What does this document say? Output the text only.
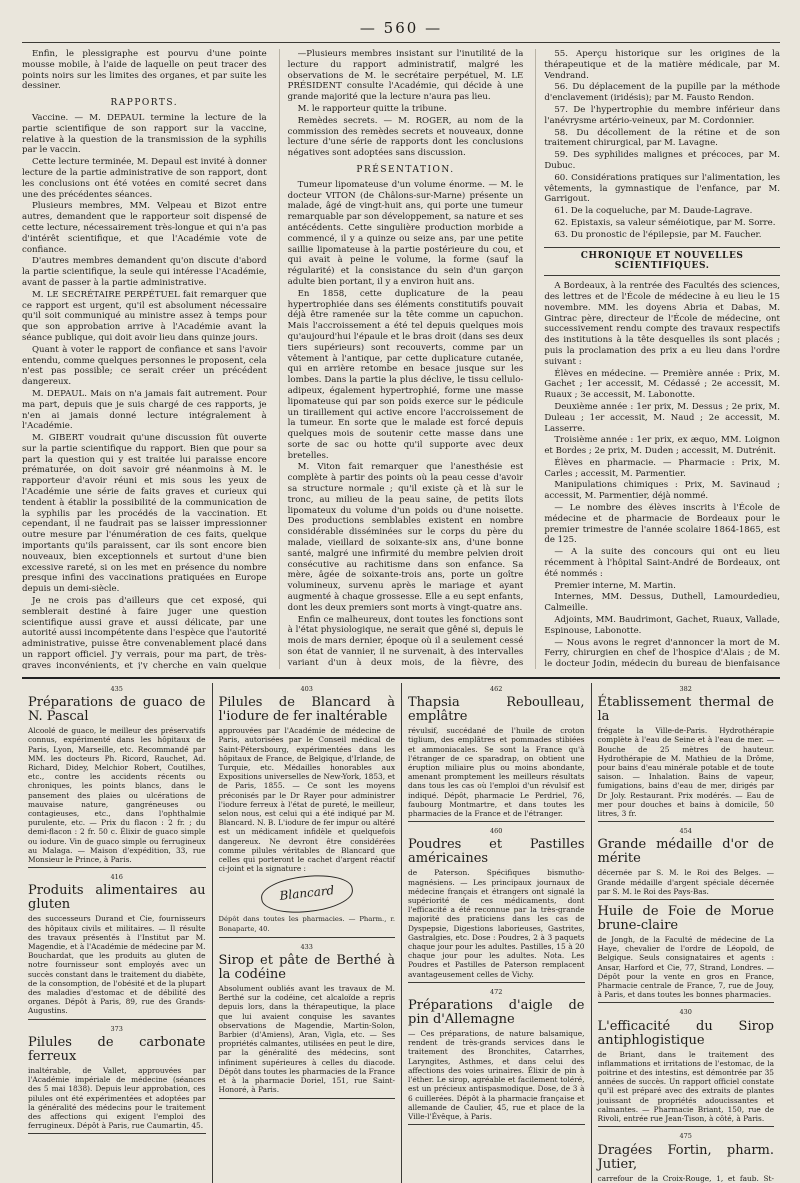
— 560 —

Enfin, le plessigraphe est pourvu d'une pointe mousse mobile, à l'aide de laquelle on peut tracer des points noirs sur les limites des organes, et par suite les dessiner.

RAPPORTS.

Vaccine. — M. DEPAUL termine la lecture de la partie scientifique de son rapport sur la vaccine, relative à la question de la transmission de la syphilis par le vaccin.

Cette lecture terminée, M. Depaul est invité à donner lecture de la partie administrative de son rapport, dont les conclusions ont été votées en comité secret dans une des précédentes séances.

Plusieurs membres, MM. Velpeau et Bizot entre autres, demandent que le rapporteur soit dispensé de cette lecture, nécessairement très-longue et qui n'a pas d'intérêt scientifique, et que l'Académie vote de confiance.

D'autres membres demandent qu'on discute d'abord la partie scientifique, la seule qui intéresse l'Académie, avant de passer à la partie administrative.

M. LE SECRÉTAIRE PERPÉTUEL fait remarquer que ce rapport est urgent, qu'il est absolument nécessaire qu'il soit communiqué au ministre assez à temps pour que son approbation arrive à l'Académie avant la séance publique, qui doit avoir lieu dans quinze jours.

Quant à voter le rapport de confiance et sans l'avoir entendu, comme quelques personnes le proposent, cela n'est pas possible; ce serait créer un précédent dangereux.

M. DEPAUL. Mais on n'a jamais fait autrement. Pour ma part, depuis que je suis chargé de ces rapports, je n'en ai jamais donné lecture intégralement à l'Académie.

M. GIBERT voudrait qu'une discussion fût ouverte sur la partie scientifique du rapport. Bien que pour sa part la question qui y est traitée lui paraisse encore prématurée, on doit savoir gré néanmoins à M. le rapporteur d'avoir réuni et mis sous les yeux de l'Académie une série de faits graves et curieux qui tendent à établir la possibilité de la communication de la syphilis par les procédés de la vaccination. Et cependant, il ne faudrait pas se laisser impressionner outre mesure par l'énumération de ces faits, quelque importants qu'ils paraissent, car ils sont encore bien nouveaux, bien exceptionnels et surtout d'une bien excessive rareté, si on les met en présence du nombre presque infini des vaccinations pratiquées en Europe depuis un demi-siècle.

Je ne crois pas d'ailleurs que cet exposé, qui semblerait destiné à faire juger une question scientifique aussi grave et aussi délicate, par une autorité aussi incompétente dans l'espèce que l'autorité administrative, puisse être convenablement placé dans un rapport officiel. J'y verrais, pour ma part, de très-graves inconvénients, et j'y cherche en vain quelque

—Plusieurs membres insistant sur l'inutilité de la lecture du rapport administratif, malgré les observations de M. le secrétaire perpétuel, M. LE PRÉSIDENT consulte l'Académie, qui décide à une grande majorité que la lecture n'aura pas lieu.

M. le rapporteur quitte la tribune.

Remèdes secrets. — M. ROGER, au nom de la commission des remèdes secrets et nouveaux, donne lecture d'une série de rapports dont les conclusions négatives sont adoptées sans discussion.

PRÉSENTATION.

Tumeur lipomateuse d'un volume énorme. — M. le docteur VITON (de Châlons-sur-Marne) présente un malade, âgé de vingt-huit ans, qui porte une tumeur remarquable par son développement, sa nature et ses antécédents. Cette singulière production morbide a commencé, il y a quinze ou seize ans, par une petite saillie lipomateuse à la partie postérieure du cou, et qui avait à peine le volume, la forme (sauf la régularité) et la consistance du sein d'un garçon adulte bien portant, il y a environ huit ans.

En 1858, cette duplicature de la peau hypertrophiée dans ses éléments constitutifs pouvait déjà être ramenée sur la tête comme un capuchon. Mais l'accroissement a été tel depuis quelques mois qu'aujourd'hui l'épaule et le bras droit (dans ses deux tiers supérieurs) sont recouverts, comme par un vêtement à l'antique, par cette duplicature cutanée, qui en arrière retombe en besace jusque sur les lombes. Dans la partie la plus déclive, le tissu cellulo-adipeux, également hypertrophié, forme une masse lipomateuse qui par son poids exerce sur le pédicule un tiraillement qui active encore l'accroissement de la tumeur. En sorte que le malade est forcé depuis quelques mois de soutenir cette masse dans une sorte de sac ou hotte qu'il supporte avec deux bretelles.

M. Viton fait remarquer que l'anesthésie est complète à partir des points où la peau cesse d'avoir sa structure normale ; qu'il existe çà et là sur le tronc, au milieu de la peau saine, de petits îlots lipomateux du volume d'un poids ou d'une noisette. Des productions semblables existent en nombre considérable disséminées sur le corps du père du malade, vieillard de soixante-six ans, d'une bonne santé, malgré une infirmité du membre pelvien droit consécutive au rachitisme dans son enfance. Sa mère, âgée de soixante-trois ans, porte un goître volumineux, survenu après le mariage et ayant augmenté à chaque grossesse. Elle a eu sept enfants, dont les deux premiers sont morts à vingt-quatre ans.

Enfin ce malheureux, dont toutes les fonctions sont à l'état physiologique, ne serait que gêné si, depuis le mois de mars dernier, époque où il a seulement cessé son état de vannier, il ne survenait, à des intervalles variant d'un à deux mois, de la fièvre, des

55. Aperçu historique sur les origines de la thérapeutique et de la matière médicale, par M. Vendrand.

56. Du déplacement de la pupille par la méthode d'enclavement (iridésis); par M. Fausto Rendon.

57. De l'hypertrophie du membre inférieur dans l'anévrysme artério-veineux, par M. Cordonnier.

58. Du décollement de la rétine et de son traitement chirurgical, par M. Lavagne.

59. Des syphilides malignes et précoces, par M. Dubuc.

60. Considérations pratiques sur l'alimentation, les vêtements, la gymnastique de l'enfance, par M. Garrigout.

61. De la coqueluche, par M. Daude-Lagrave.

62. Epistaxis, sa valeur séméiotique, par M. Sorre.

63. Du pronostic de l'épilepsie, par M. Faucher.

CHRONIQUE ET NOUVELLES SCIENTIFIQUES.

A Bordeaux, à la rentrée des Facultés des sciences, des lettres et de l'École de médecine à eu lieu le 15 novembre. MM. les doyens Abria et Dabas, M. Gintrac père, directeur de l'École de médecine, ont successivement rendu compte des travaux respectifs des institutions à la tête desquelles ils sont placés ; puis la proclamation des prix a eu lieu dans l'ordre suivant :

Élèves en médecine. — Première année : Prix, M. Gachet ; 1er accessit, M. Cédassé ; 2e accessit, M. Ruaux ; 3e accessit, M. Labonotte.

Deuxième année : 1er prix, M. Dessus ; 2e prix, M. Duleau ; 1er accessit, M. Naud ; 2e accessit, M. Lasserre.

Troisième année : 1er prix, ex æquo, MM. Loignon et Bordes ; 2e prix, M. Duden ; accessit, M. Dutrénit.

Élèves en pharmacie. — Pharmacie : Prix, M. Carles ; accessit, M. Parmentier.

Manipulations chimiques : Prix, M. Savinaud ; accessit, M. Parmentier, déjà nommé.

— Le nombre des élèves inscrits à l'École de médecine et de pharmacie de Bordeaux pour le premier trimestre de l'année scolaire 1864-1865, est de 125.

— A la suite des concours qui ont eu lieu récemment à l'hôpital Saint-André de Bordeaux, ont été nommés :

Premier interne, M. Martin.

Internes, MM. Dessus, Duthell, Lamourdedieu, Calmeille.

Adjoints, MM. Baudrimont, Gachet, Ruaux, Vallade, Espinouse, Labonotte.

— Nous avons le regret d'annoncer la mort de M. Ferry, chirurgien en chef de l'hospice d'Alais ; de M. le docteur Jodin, médecin du bureau de bienfaisance

435
Préparations de guaco de N. Pascal

Alcoolé de guaco, le meilleur des préservatifs connus, expérimenté dans les hôpitaux de Paris, Lyon, Marseille, etc. Recommandé par MM. les docteurs Ph. Ricord, Rauchet, Ad. Richard, Didey, Melchior Robert, Coutilhes, etc., contre les accidents récents ou chroniques, les points blancs, dans le pansement des plaies ou ulcérations de mauvaise nature, gangréneuses ou contagieuses, etc., dans l'ophthalmie purulente, etc. — Prix du flacon : 2 fr. ; du demi-flacon : 2 fr. 50 c. Élixir de guaco simple ou iodure. Vin de guaco simple ou ferrugineux au Malaga. — Maison d'expédition, 33, rue Monsieur le Prince, à Paris.

416
Produits alimentaires au gluten

des successeurs Durand et Cie, fournisseurs des hôpitaux civils et militaires. — Il résulte des travaux présentés à l'Institut par M. Magendie, et à l'Académie de médecine par M. Bouchardat, que les produits au gluten de notre fournisseur sont employés avec un succès constant dans le traitement du diabète, de la consomption, de l'obésité et de la plupart des maladies d'estomac et de débilité des organes. Dépôt à Paris, 89, rue des Grands-Augustins.

373
Pilules de carbonate ferreux

inaltérable, de Vallet, approuvées par l'Académie impériale de médecine (séances des 5 mai 1838). Depuis leur approbation, ces pilules ont été expérimentées et adoptées par la généralité des médecins pour le traitement des affections qui exigent l'emploi des ferrugineux. Dépôt à Paris, rue Caumartin, 45.

403
Pilules de Blancard à l'iodure de fer inaltérable

approuvées par l'Académie de médecine de Paris, autorisées par le Conseil médical de Saint-Pétersbourg, expérimentées dans les hôpitaux de France, de Belgique, d'Irlande, de Turquie, etc. Médailles honorables aux Expositions universelles de New-York, 1853, et de Paris, 1855. — Ce sont les moyens préconisés par le Dr Rayer pour administrer l'iodure ferreux à l'état de pureté, le meilleur, selon nous, est celui qui a été indiqué par M. Blancard. N. B. L'iodure de fer impur ou altéré est un médicament infidèle et quelquefois dangereux. Ne devront être considérées comme pilules véritables de Blancard que celles qui porteront le cachet d'argent réactif ci-joint et la signature :

Blancard
Dépôt dans toutes les pharmacies. — Pharm., r. Bonaparte, 40.
433
Sirop et pâte de Berthé à la codéine

Absolument oubliés avant les travaux de M. Berthé sur la codéine, cet alcaloïde a repris depuis lors, dans la thérapeutique, la place que lui avaient conquise les savantes observations de Magendie, Martin-Solon, Barbier (d'Amiens), Aran, Vigla, etc. — Ses propriétés calmantes, utilisées en peut le dire, par la généralité des médecins, sont infiniment supérieures à celles du diacode. Dépôt dans toutes les pharmacies de la France et à la pharmacie Doriel, 151, rue Saint-Honoré, à Paris.

462
Thapsia Reboulleau, emplâtre

révulsif, succédané de l'huile de croton tiglium, des emplâtres et pommades stibiées et ammoniacales. Se sont la France qu'à l'étranger de ce sparadrap, on obtient une éruption miliaire plus ou moins abondante, amenant promptement les meilleurs résultats dans tous les cas où l'emploi d'un révulsif est indiqué. Dépôt, pharmacie Le Perdriel, 76, faubourg Montmartre, et dans toutes les pharmacies de la France et de l'étranger.

460
Poudres et Pastilles américaines

de Paterson. Spécifiques bismutho-magnésiens. — Les principaux journaux de médecine français et étrangers ont signalé la supériorité de ces médicaments, dont l'efficacité a été reconnue par la très-grande majorité des praticiens dans les cas de Dyspepsie, Digestions laborieuses, Gastrites, Gastralgies, etc. Dose : Poudres, 2 à 3 paquets chaque jour pour les adultes. Pastilles, 15 à 20 chaque jour pour les adultes. Nota. Les Poudres et Pastilles de Paterson remplacent avantageusement celles de Vichy.

472
Préparations d'aigle de pin d'Allemagne

— Ces préparations, de nature balsamique, rendent de très-grands services dans le traitement des Bronchites, Catarrhes, Laryngites, Asthmes, et dans celui des affections des voies urinaires. Élixir de pin à l'éther. Le sirop, agréable et facilement toléré, est un précieux antispasmodique. Dose, de 3 à 6 cuillerées. Dépôt à la pharmacie française et allemande de Caulier, 45, rue et place de la Ville-l'Évêque, à Paris.

382
Établissement thermal de la

frégate la Ville-de-Paris. Hydrothérapie complète à l'eau de Seine et à l'eau de mer. — Bouche de 25 mètres de hauteur. Hydrothérapie de M. Mathieu de la Drôme, pour bains d'eau minérale potable et de toute saison. — Inhalation. Bains de vapeur, fumigations, bains d'eau de mer, dirigés par Dr Joly. Restaurant. Prix modérés. — Eau de mer pour douches et bains à domicile, 50 litres, 3 fr.

454
Grande médaille d'or de mérite

décernée par S. M. le Roi des Belges. — Grande médaille d'argent spéciale décernée par S. M. le Roi des Pays-Bas.

Huile de Foie de Morue brune-claire

de Jongh, de la Faculté de médecine de La Haye, chevalier de l'ordre de Léopold, de Belgique. Seuls consignataires et agents : Ansar, Harford et Cie, 77, Strand, Londres. — Dépôt pour la vente en gros en France, Pharmacie centrale de France, 7, rue de Jouy, à Paris, et dans toutes les bonnes pharmacies.

430
L'efficacité du Sirop antiphlogistique

de Briant, dans le traitement des inflammations et irritations de l'estomac, de la poitrine et des intestins, est démontrée par 35 années de succès. Un rapport officiel constate qu'il est préparé avec des extraits de plantes jouissant de propriétés adoucissantes et calmantes. — Pharmacie Briant, 150, rue de Rivoli, entrée rue Jean-Tison, à côté, à Paris.

475
Dragées Fortin, pharm. Jutier,

carrefour de la Croix-Rouge, 1, et faub. St-
